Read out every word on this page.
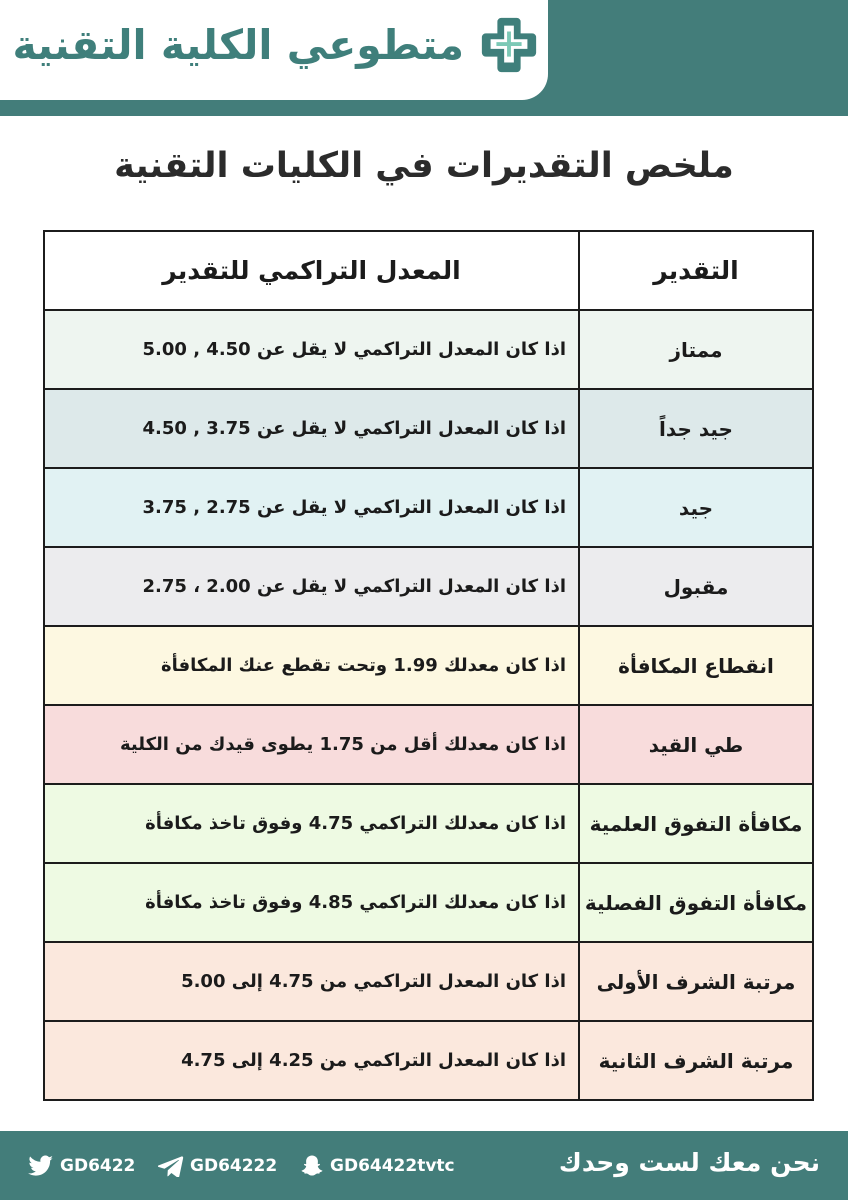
متطوعي الكلية التقنية
ملخص التقديرات في الكليات التقنية
التقدير	المعدل التراكمي للتقدير
ممتاز	اذا كان المعدل التراكمي لا يقل عن 4.50 , 5.00
جيد جداً	اذا كان المعدل التراكمي لا يقل عن 3.75 , 4.50
جيد	اذا كان المعدل التراكمي لا يقل عن 2.75 , 3.75
مقبول	اذا كان المعدل التراكمي لا يقل عن 2.00 ، 2.75
انقطاع المكافأة	اذا كان معدلك 1.99 وتحت تقطع عنك المكافأة
طي القيد	اذا كان معدلك أقل من 1.75 يطوى قيدك من الكلية
مكافأة التفوق العلمية	اذا كان معدلك التراكمي 4.75 وفوق تاخذ مكافأة
مكافأة التفوق الفصلية	اذا كان معدلك التراكمي 4.85 وفوق تاخذ مكافأة
مرتبة الشرف الأولى	اذا كان المعدل التراكمي من 4.75 إلى 5.00
مرتبة الشرف الثانية	اذا كان المعدل التراكمي من 4.25 إلى 4.75
نحن معك لست وحدك
GD6422	GD64222	GD64422tvtc
